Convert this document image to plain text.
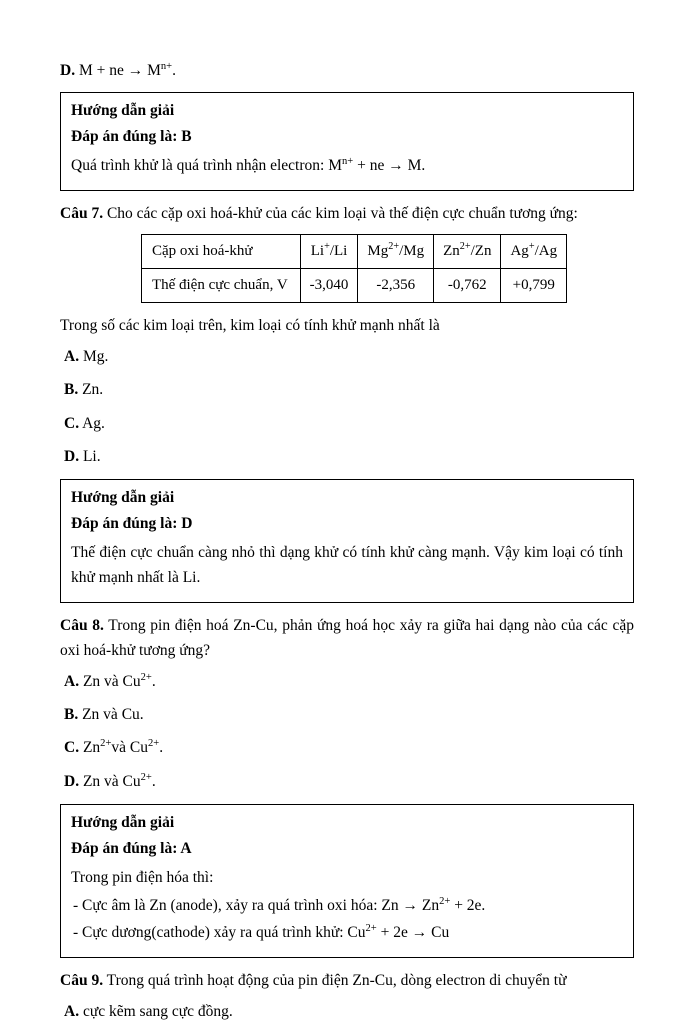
D. M + ne → $M^{n+}$.
Hướng dẫn giải
Đáp án đúng là: B
Quá trình khử là quá trình nhận electron: $M^{n+}$ + ne → M.
Câu 7. Cho các cặp oxi hoá-khử của các kim loại và thế điện cực chuẩn tương ứng:
Cặp oxi hoá-khử	Li+/Li	$Mg^{2+}/Mg$	$Zn^{2+}/Zn$	Ag+/Ag
Thế điện cực chuẩn, V	-3,040	-2,356	-0,762	+0,799
Trong số các kim loại trên, kim loại có tính khử mạnh nhất là
A. Mg.
B. Zn.
C. Ag.
D. Li.
Hướng dẫn giải
Đáp án đúng là: D
Thế điện cực chuẩn càng nhỏ thì dạng khử có tính khử càng mạnh. Vậy kim loại có tính khử mạnh nhất là Li.
Câu 8. Trong pin điện hoá Zn-Cu, phản ứng hoá học xảy ra giữa hai dạng nào của các cặp oxi hoá-khử tương ứng?
A. Zn và $Cu^{2+}$.
B. Zn và Cu.
C. $Zn^{2+}và$ $Cu^{2+}$.
D. Zn và $Cu^{2+}$.
Hướng dẫn giải
Đáp án đúng là: A
Trong pin điện hóa thì:
- Cực âm là Zn (anode), xảy ra quá trình oxi hóa: $Zn \to Zn^{2+} + 2e$.
- Cực dương(cathode) xảy ra quá trình khử: $Cu^{2+} + 2e \to Cu$
Câu 9. Trong quá trình hoạt động của pin điện Zn-Cu, dòng electron di chuyển từ
A. cực kẽm sang cực đồng.
